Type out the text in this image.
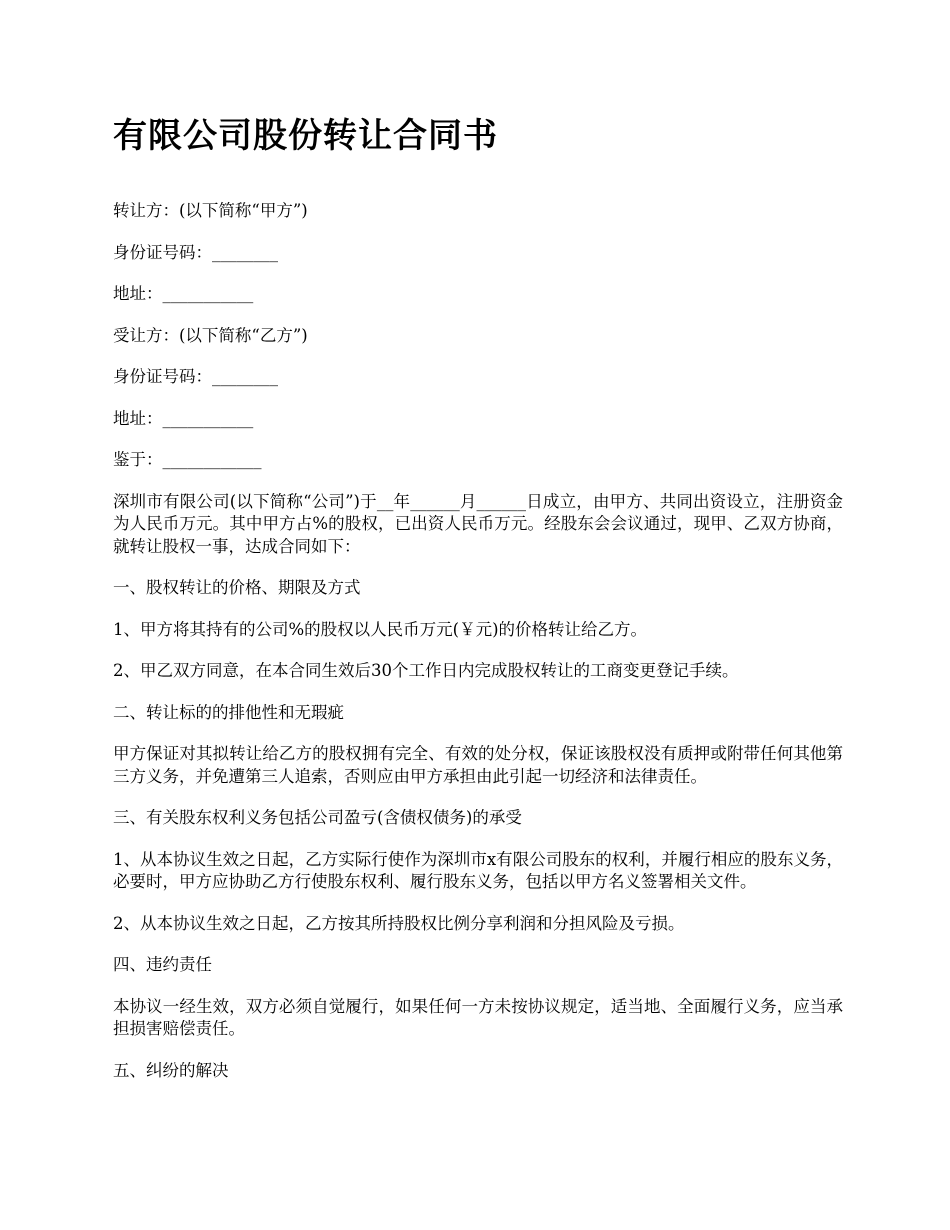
有限公司股份转让合同书

转让方：(以下简称“甲方”)

身份证号码：________

地址：___________

受让方：(以下简称“乙方”)

身份证号码：________

地址：___________

鉴于：____________

深圳市有限公司(以下简称“公司”)于__年______月______日成立，由甲方、共同出资设立，注册资金为人民币万元。其中甲方占%的股权，已出资人民币万元。经股东会会议通过，现甲、乙双方协商，就转让股权一事，达成合同如下：

一、股权转让的价格、期限及方式

1、甲方将其持有的公司%的股权以人民币万元(￥元)的价格转让给乙方。

2、甲乙双方同意，在本合同生效后30个工作日内完成股权转让的工商变更登记手续。

二、转让标的的排他性和无瑕疵

甲方保证对其拟转让给乙方的股权拥有完全、有效的处分权，保证该股权没有质押或附带任何其他第三方义务，并免遭第三人追索，否则应由甲方承担由此引起一切经济和法律责任。

三、有关股东权利义务包括公司盈亏(含债权债务)的承受

1、从本协议生效之日起，乙方实际行使作为深圳市x有限公司股东的权利，并履行相应的股东义务，必要时，甲方应协助乙方行使股东权利、履行股东义务，包括以甲方名义签署相关文件。

2、从本协议生效之日起，乙方按其所持股权比例分享利润和分担风险及亏损。

四、违约责任

本协议一经生效，双方必须自觉履行，如果任何一方未按协议规定，适当地、全面履行义务，应当承担损害赔偿责任。

五、纠纷的解决
